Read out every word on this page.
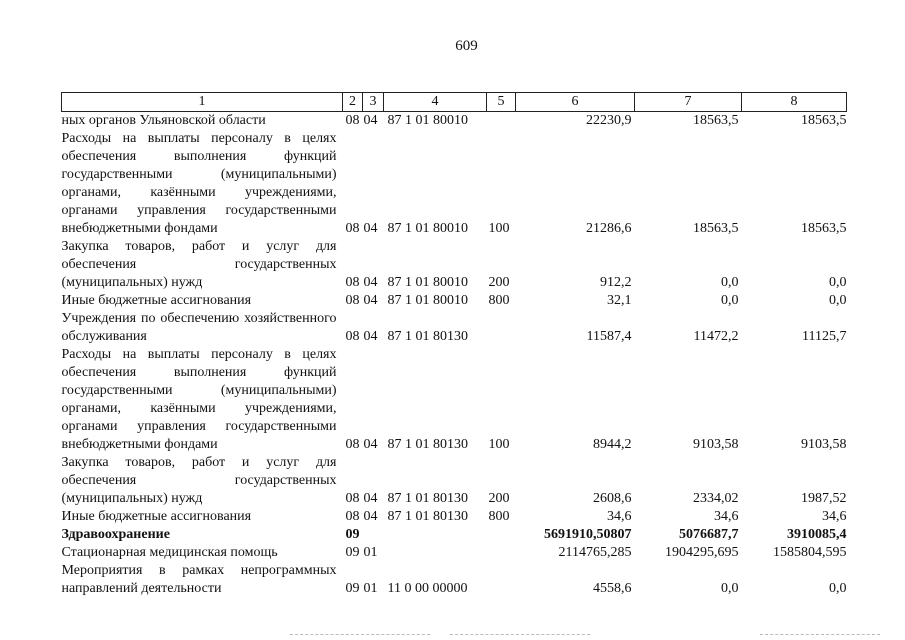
609
1	2	3	4	5	6	7	8
ных органов Ульяновской области	08	04	87 1 01 80010		22230,9	18563,5	18563,5
Расходы на выплаты персоналу в целях обеспечения выполнения функций государственными (муниципальными) органами, казёнными учреждениями, органами управления государственными внебюджетными фондами	08	04	87 1 01 80010	100	21286,6	18563,5	18563,5
Закупка товаров, работ и услуг для обеспечения государственных (муниципальных) нужд	08	04	87 1 01 80010	200	912,2	0,0	0,0
Иные бюджетные ассигнования	08	04	87 1 01 80010	800	32,1	0,0	0,0
Учреждения по обеспечению хозяйственного обслуживания	08	04	87 1 01 80130		11587,4	11472,2	11125,7
Расходы на выплаты персоналу в целях обеспечения выполнения функций государственными (муниципальными) органами, казёнными учреждениями, органами управления государственными внебюджетными фондами	08	04	87 1 01 80130	100	8944,2	9103,58	9103,58
Закупка товаров, работ и услуг для обеспечения государственных (муниципальных) нужд	08	04	87 1 01 80130	200	2608,6	2334,02	1987,52
Иные бюджетные ассигнования	08	04	87 1 01 80130	800	34,6	34,6	34,6
Здравоохранение	09				5691910,50807	5076687,7	3910085,4
Стационарная медицинская помощь	09	01			2114765,285	1904295,695	1585804,595
Мероприятия в рамках непрограммных направлений деятельности	09	01	11 0 00 00000		4558,6	0,0	0,0
